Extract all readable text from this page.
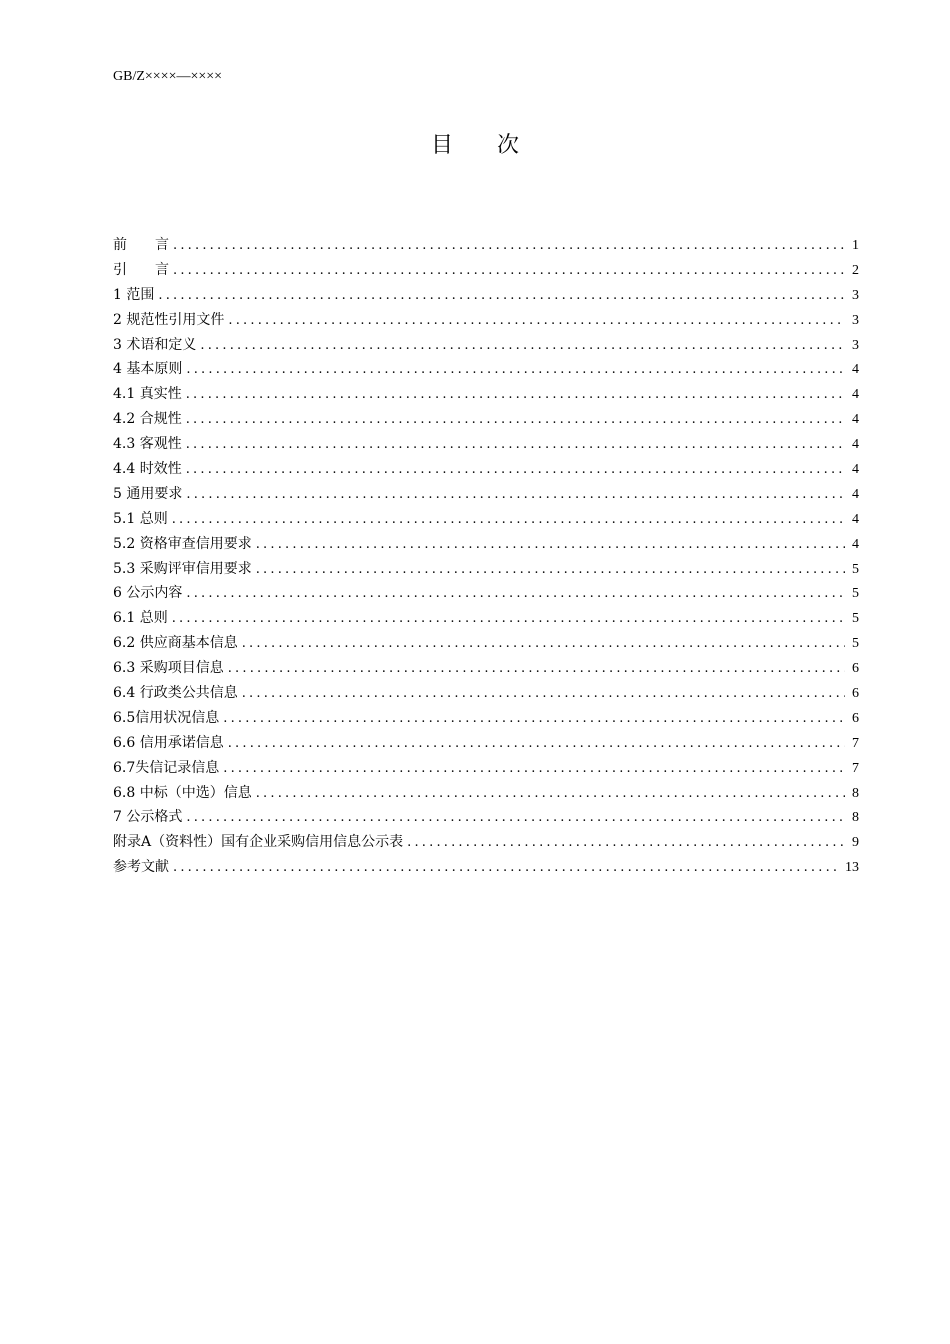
GB/Z××××—××××
目次
前　　言 .....	1
引　　言 .....	2
1 范围 .....	3
2 规范性引用文件 .....	3
3 术语和定义 .....	3
4 基本原则 .....	4
4.1 真实性 .....	4
4.2 合规性 .....	4
4.3 客观性 .....	4
4.4 时效性 .....	4
5 通用要求 .....	4
5.1 总则 .....	4
5.2 资格审查信用要求 .....	4
5.3 采购评审信用要求 .....	5
6 公示内容 .....	5
6.1 总则 .....	5
6.2 供应商基本信息 .....	5
6.3 采购项目信息 .....	6
6.4 行政类公共信息 .....	6
6.5信用状况信息 .....	6
6.6 信用承诺信息 .....	7
6.7失信记录信息 .....	7
6.8 中标（中选）信息 .....	8
7 公示格式 .....	8
附录A（资料性）国有企业采购信用信息公示表 .....	9
参考文献 .....	13
